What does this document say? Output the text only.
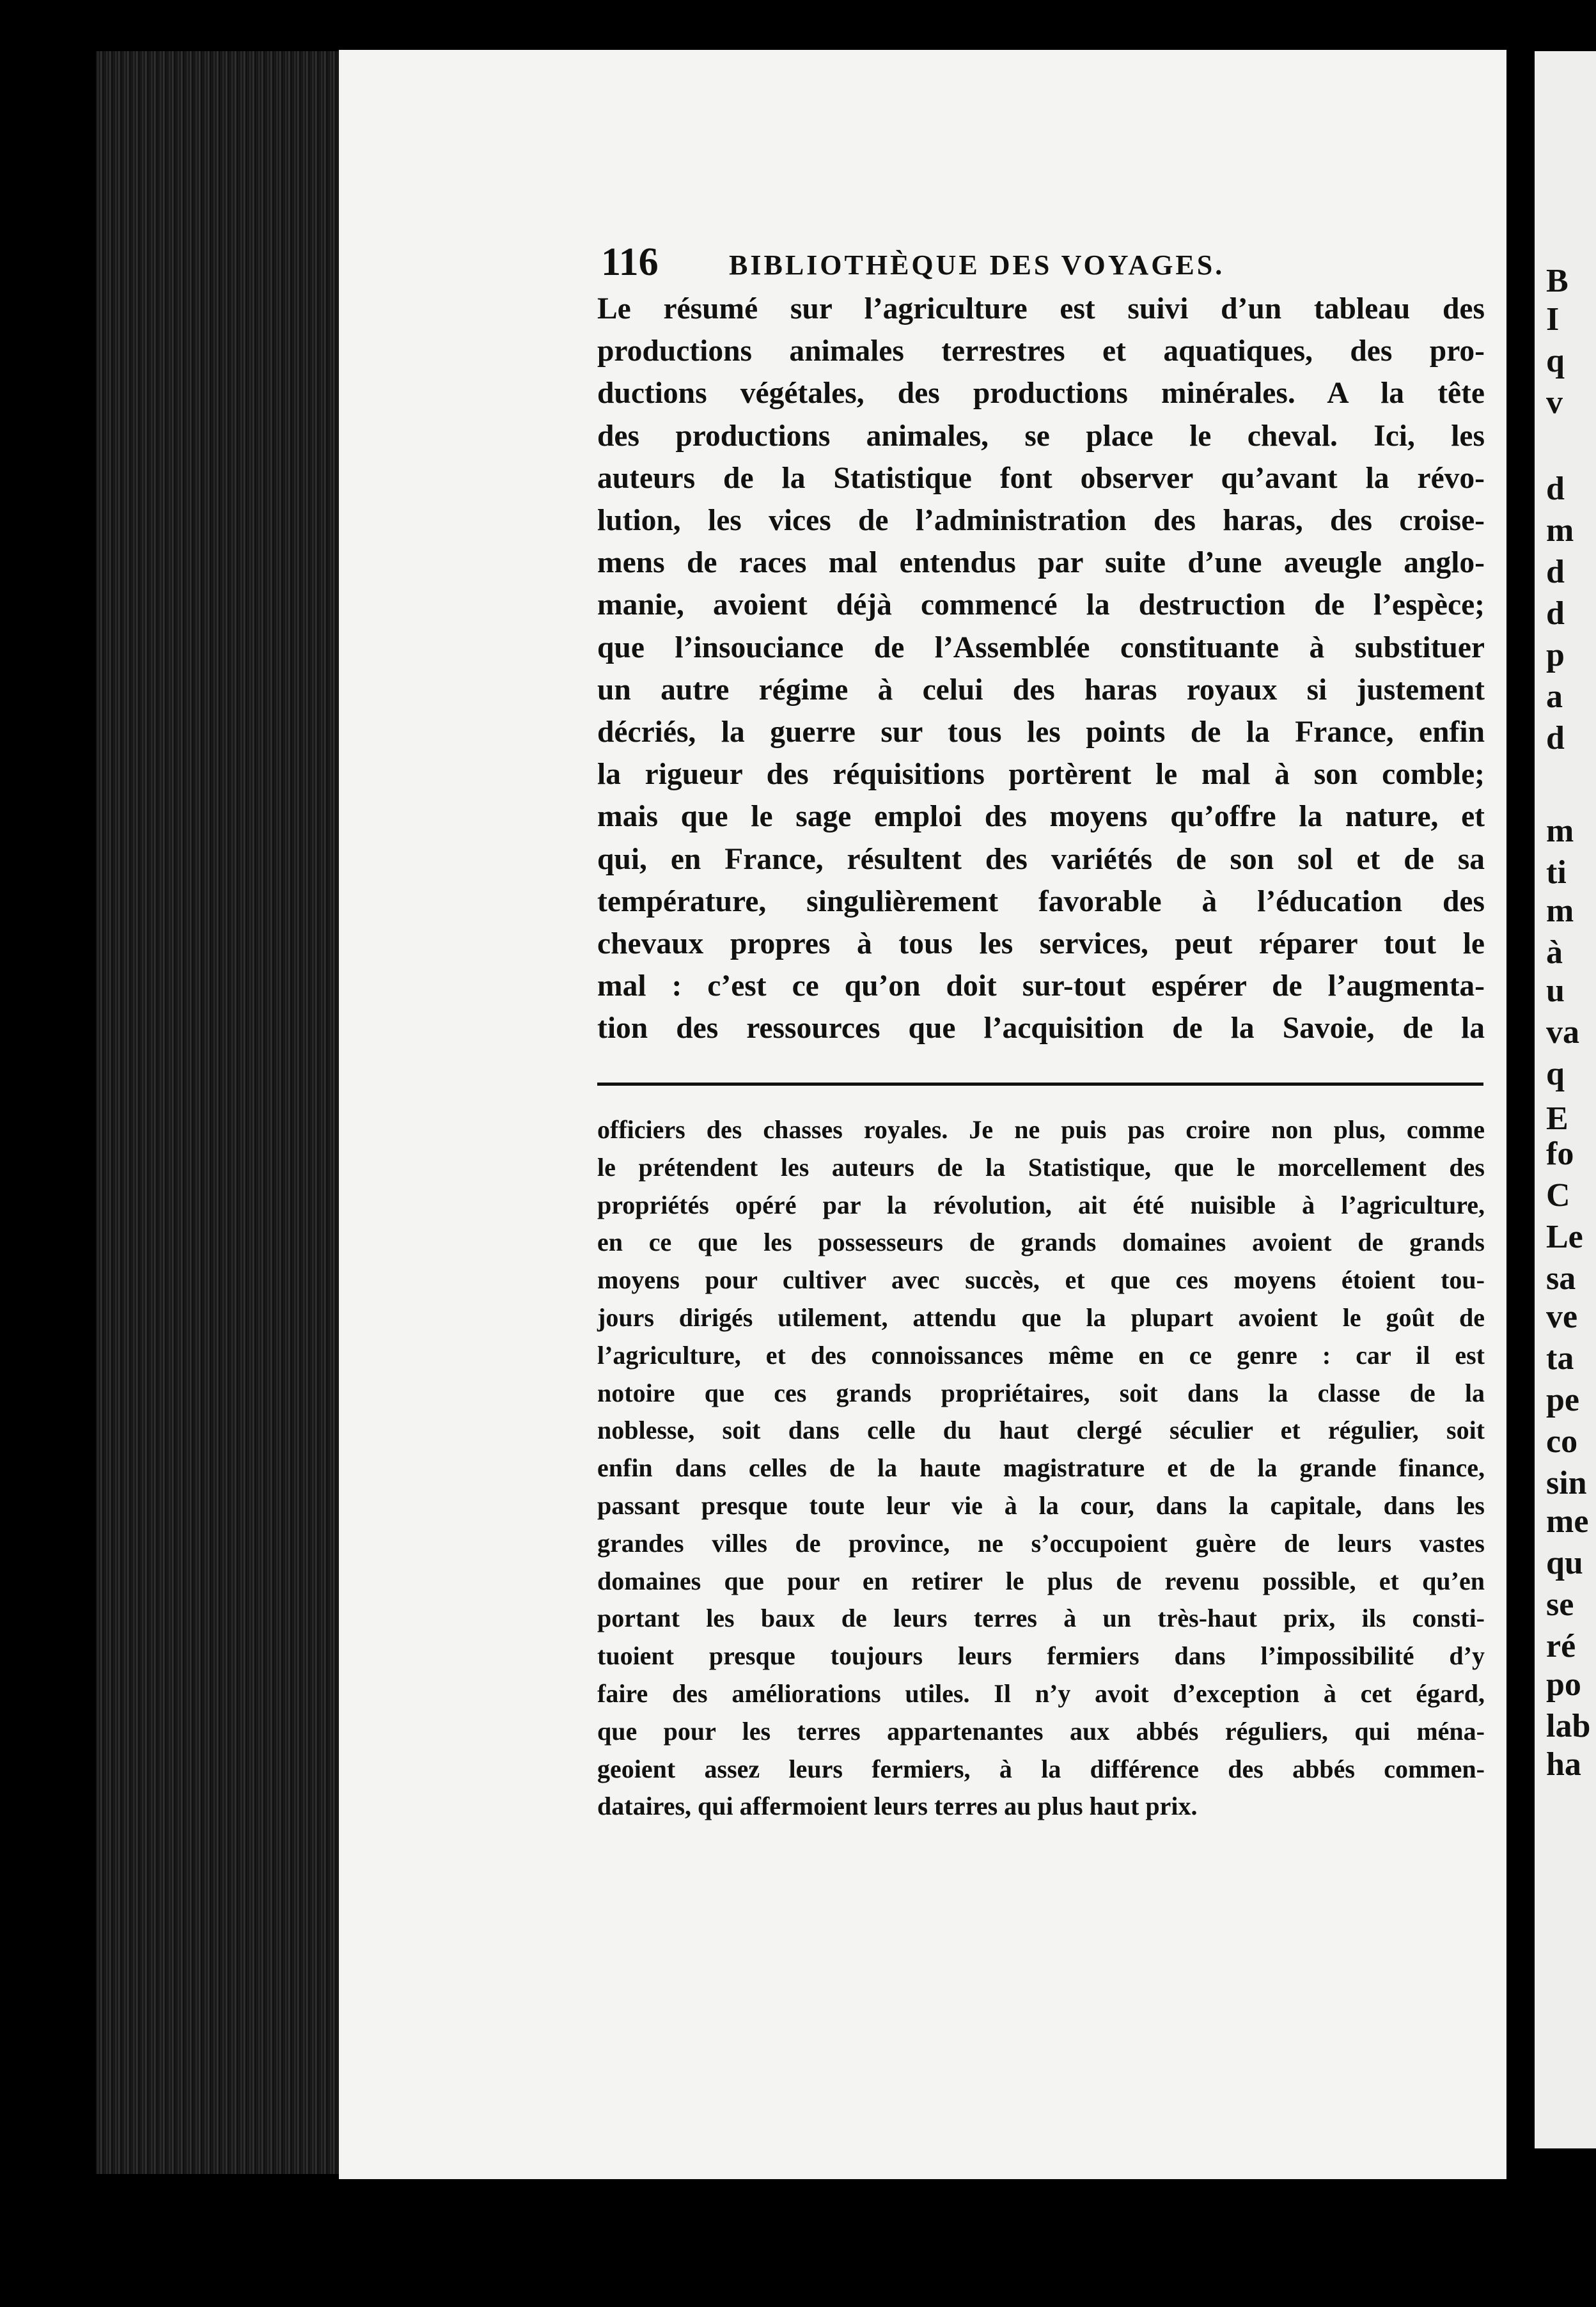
B
I
q
v
d
m
d
d
p
a
d
m
ti
m
à
u
va
q
E
fo
C
Le
sa
ve
ta
pe
co
sin
me
qu
se
ré
po
lab
ha
116	BIBLIOTHÈQUE DES VOYAGES.
Le résumé sur l’agriculture est suivi d’un tableau des
productions animales terrestres et aquatiques, des pro-
ductions végétales, des productions minérales. A la tête
des productions animales, se place le cheval. Ici, les
auteurs de la Statistique font observer qu’avant la révo-
lution, les vices de l’administration des haras, des croise-
mens de races mal entendus par suite d’une aveugle anglo-
manie, avoient déjà commencé la destruction de l’espèce;
que l’insouciance de l’Assemblée constituante à substituer
un autre régime à celui des haras royaux si justement
décriés, la guerre sur tous les points de la France, enfin
la rigueur des réquisitions portèrent le mal à son comble;
mais que le sage emploi des moyens qu’offre la nature, et
qui, en France, résultent des variétés de son sol et de sa
température, singulièrement favorable à l’éducation des
chevaux propres à tous les services, peut réparer tout le
mal : c’est ce qu’on doit sur-tout espérer de l’augmenta-
tion des ressources que l’acquisition de la Savoie, de la
officiers des chasses royales. Je ne puis pas croire non plus, comme
le prétendent les auteurs de la Statistique, que le morcellement des
propriétés opéré par la révolution, ait été nuisible à l’agriculture,
en ce que les possesseurs de grands domaines avoient de grands
moyens pour cultiver avec succès, et que ces moyens étoient tou-
jours dirigés utilement, attendu que la plupart avoient le goût de
l’agriculture, et des connoissances même en ce genre : car il est
notoire que ces grands propriétaires, soit dans la classe de la
noblesse, soit dans celle du haut clergé séculier et régulier, soit
enfin dans celles de la haute magistrature et de la grande finance,
passant presque toute leur vie à la cour, dans la capitale, dans les
grandes villes de province, ne s’occupoient guère de leurs vastes
domaines que pour en retirer le plus de revenu possible, et qu’en
portant les baux de leurs terres à un très-haut prix, ils consti-
tuoient presque toujours leurs fermiers dans l’impossibilité d’y
faire des améliorations utiles. Il n’y avoit d’exception à cet égard,
que pour les terres appartenantes aux abbés réguliers, qui ména-
geoient assez leurs fermiers, à la différence des abbés commen-
dataires, qui affermoient leurs terres au plus haut prix.
